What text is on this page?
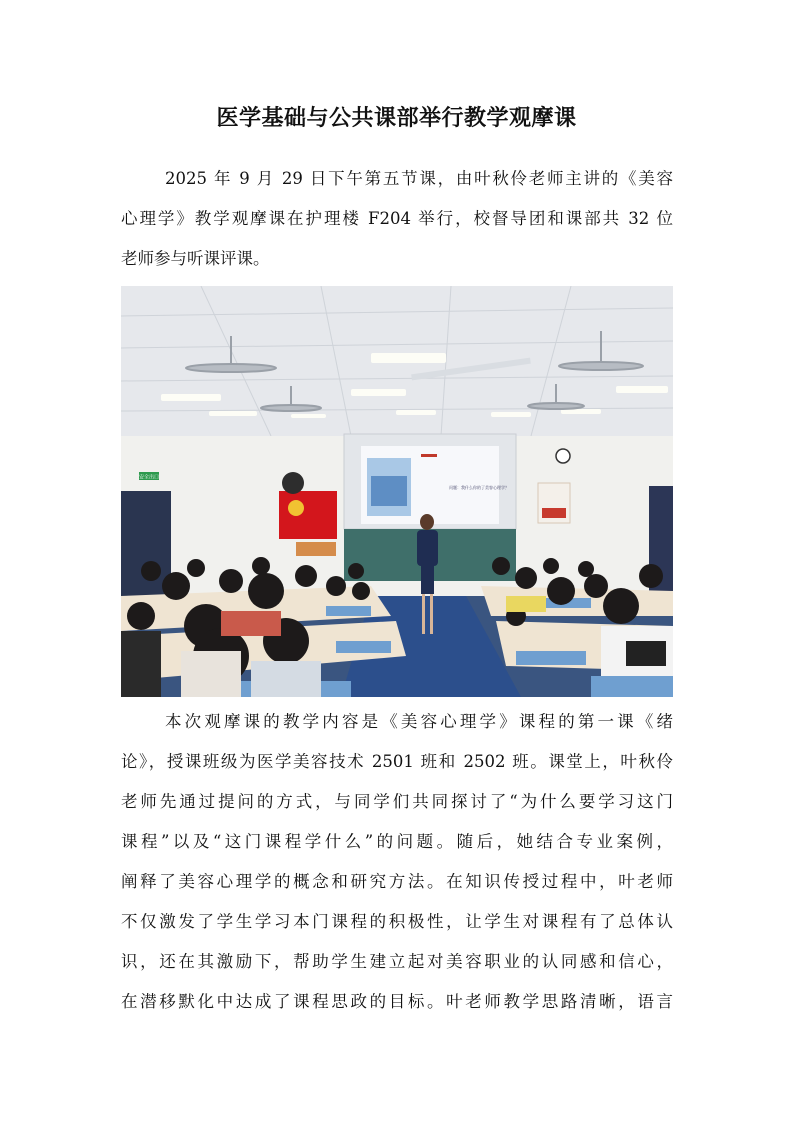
医学基础与公共课部举行教学观摩课
2025 年 9 月 29 日下午第五节课，由叶秋伶老师主讲的《美容
心理学》教学观摩课在护理楼 F204 举行，校督导团和课部共 32 位
老师参与听课评课。
安全出口
问题：我什么你的了美容心理学？
本次观摩课的教学内容是《美容心理学》课程的第一课《绪
论》，授课班级为医学美容技术 2501 班和 2502 班。课堂上，叶秋伶
老师先通过提问的方式，与同学们共同探讨了“为什么要学习这门
课程”以及“这门课程学什么”的问题。随后，她结合专业案例，
阐释了美容心理学的概念和研究方法。在知识传授过程中，叶老师
不仅激发了学生学习本门课程的积极性，让学生对课程有了总体认
识，还在其激励下，帮助学生建立起对美容职业的认同感和信心，
在潜移默化中达成了课程思政的目标。叶老师教学思路清晰，语言
